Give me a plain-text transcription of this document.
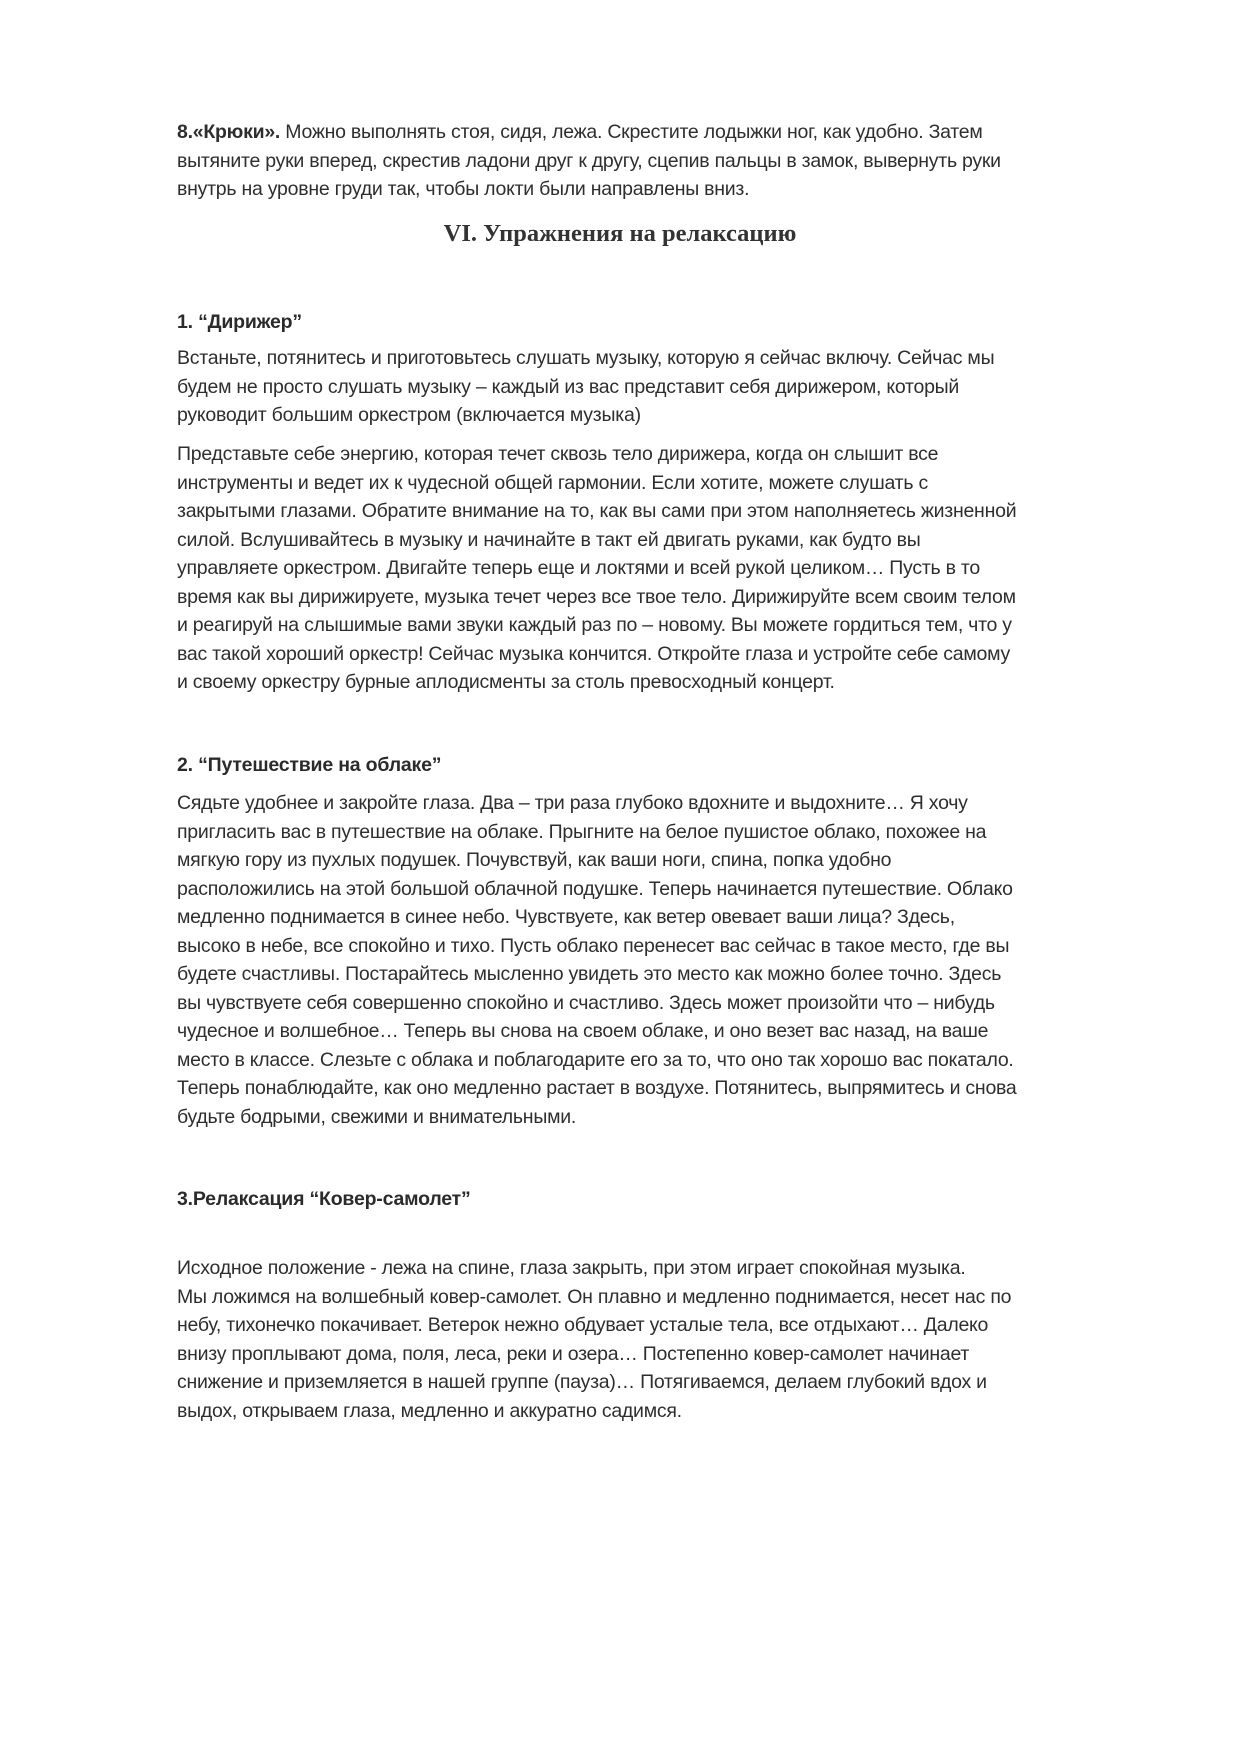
8.«Крюки». Можно выполнять стоя, сидя, лежа. Скрестите лодыжки ног, как удобно. Затем
вытяните руки вперед, скрестив ладони друг к другу, сцепив пальцы в замок, вывернуть руки
внутрь на уровне груди так, чтобы локти были направлены вниз.

VI. Упражнения на релаксацию
1. “Дирижер”

Встаньте, потянитесь и приготовьтесь слушать музыку, которую я сейчас включу. Сейчас мы
будем не просто слушать музыку – каждый из вас представит себя дирижером, который
руководит большим оркестром (включается музыка)

Представьте себе энергию, которая течет сквозь тело дирижера, когда он слышит все
инструменты и ведет их к чудесной общей гармонии. Если хотите, можете слушать с
закрытыми глазами. Обратите внимание на то, как вы сами при этом наполняетесь жизненной
силой. Вслушивайтесь в музыку и начинайте в такт ей двигать руками, как будто вы
управляете оркестром. Двигайте теперь еще и локтями и всей рукой целиком… Пусть в то
время как вы дирижируете, музыка течет через все твое тело. Дирижируйте всем своим телом
и реагируй на слышимые вами звуки каждый раз по – новому. Вы можете гордиться тем, что у
вас такой хороший оркестр! Сейчас музыка кончится. Откройте глаза и устройте себе самому
и своему оркестру бурные аплодисменты за столь превосходный концерт.

2. “Путешествие на облаке”

Сядьте удобнее и закройте глаза. Два – три раза глубоко вдохните и выдохните… Я хочу
пригласить вас в путешествие на облаке. Прыгните на белое пушистое облако, похожее на
мягкую гору из пухлых подушек. Почувствуй, как ваши ноги, спина, попка удобно
расположились на этой большой облачной подушке. Теперь начинается путешествие. Облако
медленно поднимается в синее небо. Чувствуете, как ветер овевает ваши лица? Здесь,
высоко в небе, все спокойно и тихо. Пусть облако перенесет вас сейчас в такое место, где вы
будете счастливы. Постарайтесь мысленно увидеть это место как можно более точно. Здесь
вы чувствуете себя совершенно спокойно и счастливо. Здесь может произойти что – нибудь
чудесное и волшебное… Теперь вы снова на своем облаке, и оно везет вас назад, на ваше
место в классе. Слезьте с облака и поблагодарите его за то, что оно так хорошо вас покатало.
Теперь понаблюдайте, как оно медленно растает в воздухе. Потянитесь, выпрямитесь и снова
будьте бодрыми, свежими и внимательными.

3.Релаксация “Ковер-самолет”

Исходное положение - лежа на спине, глаза закрыть, при этом играет спокойная музыка.
Мы ложимся на волшебный ковер-самолет. Он плавно и медленно поднимается, несет нас по
небу, тихонечко покачивает. Ветерок нежно обдувает усталые тела, все отдыхают… Далеко
внизу проплывают дома, поля, леса, реки и озера… Постепенно ковер-самолет начинает
снижение и приземляется в нашей группе (пауза)… Потягиваемся, делаем глубокий вдох и
выдох, открываем глаза, медленно и аккуратно садимся.
